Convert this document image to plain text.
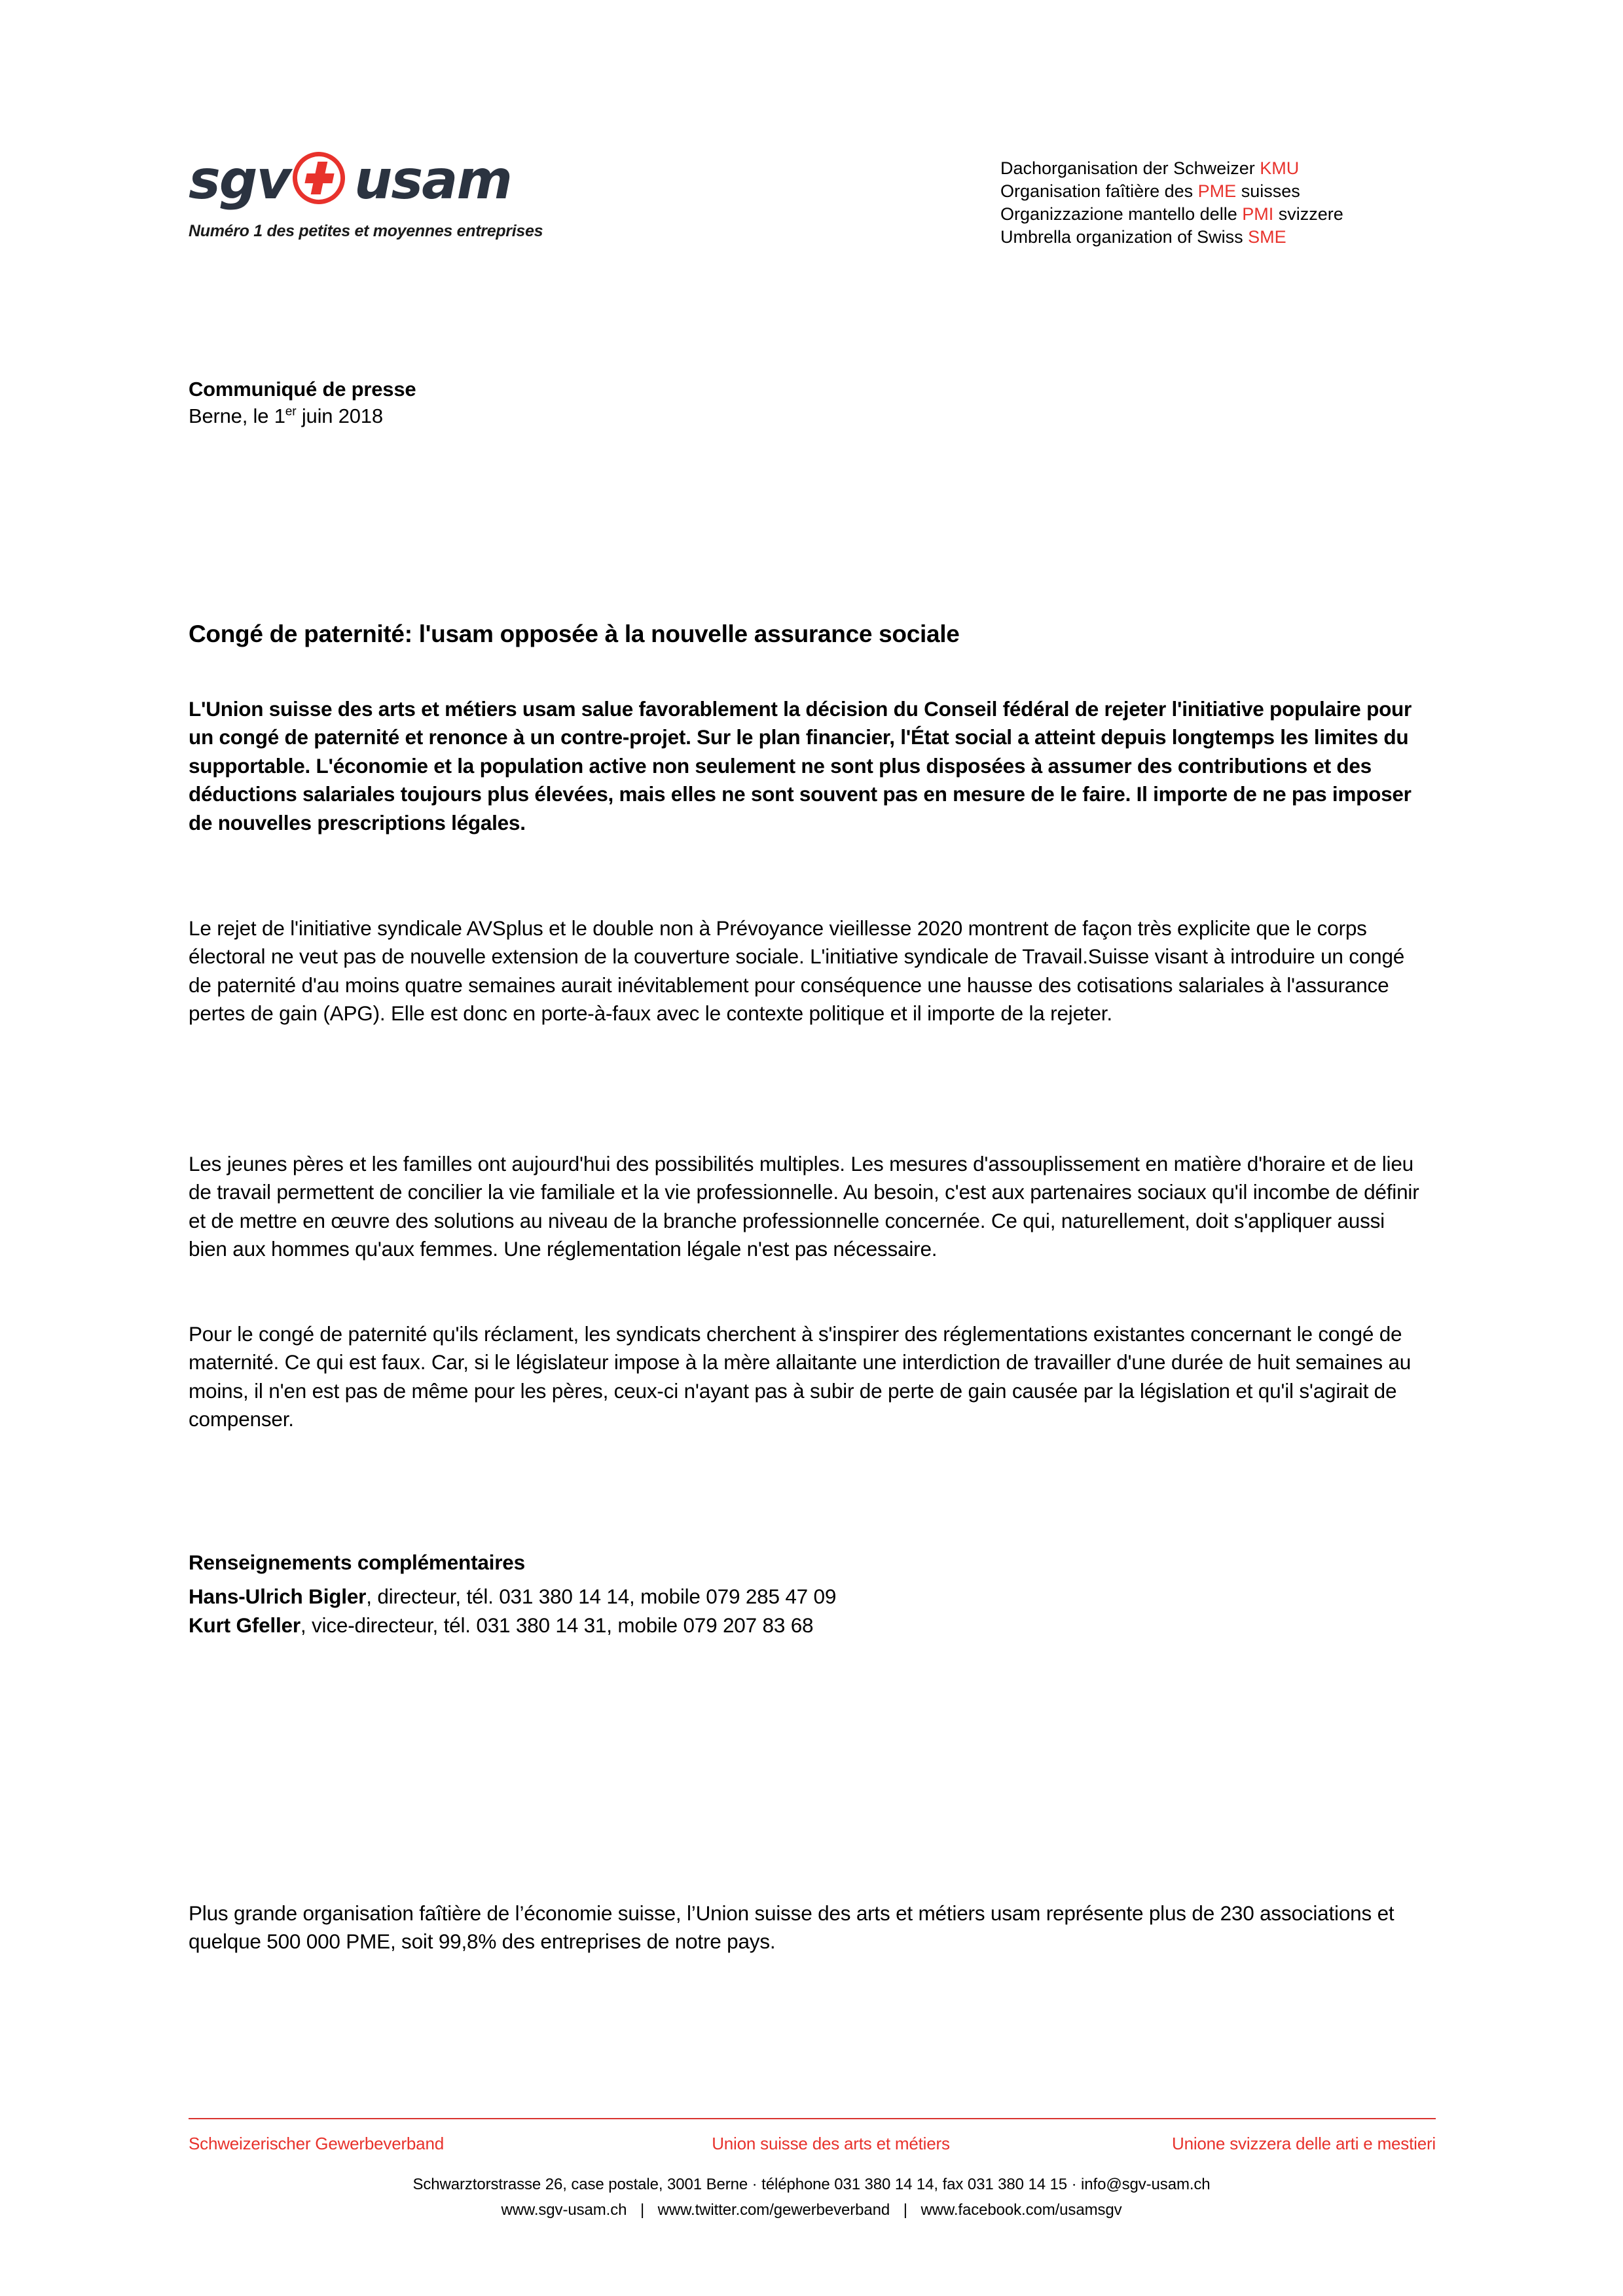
sgv usam
Numéro 1 des petites et moyennes entreprises
Dachorganisation der Schweizer KMU
Organisation faîtière des PME suisses
Organizzazione mantello delle PMI svizzere
Umbrella organization of Swiss SME
Communiqué de presse
Berne, le 1er juin 2018
Congé de paternité: l'usam opposée à la nouvelle assurance sociale

L'Union suisse des arts et métiers usam salue favorablement la décision du Conseil fédéral de rejeter l'initiative populaire pour un congé de paternité et renonce à un contre-projet. Sur le plan financier, l'État social a atteint depuis longtemps les limites du supportable. L'économie et la population active non seulement ne sont plus disposées à assumer des contributions et des déductions salariales toujours plus élevées, mais elles ne sont souvent pas en mesure de le faire. Il importe de ne pas imposer de nouvelles prescriptions légales.

Le rejet de l'initiative syndicale AVSplus et le double non à Prévoyance vieillesse 2020 montrent de façon très explicite que le corps électoral ne veut pas de nouvelle extension de la couverture sociale. L'initiative syndicale de Travail.Suisse visant à introduire un congé de paternité d'au moins quatre semaines aurait inévitablement pour conséquence une hausse des cotisations salariales à l'assurance pertes de gain (APG). Elle est donc en porte-à-faux avec le contexte politique et il importe de la rejeter.

Les jeunes pères et les familles ont aujourd'hui des possibilités multiples. Les mesures d'assouplissement en matière d'horaire et de lieu de travail permettent de concilier la vie familiale et la vie professionnelle. Au besoin, c'est aux partenaires sociaux qu'il incombe de définir et de mettre en œuvre des solutions au niveau de la branche professionnelle concernée. Ce qui, naturellement, doit s'appliquer aussi bien aux hommes qu'aux femmes. Une réglementation légale n'est pas nécessaire.

Pour le congé de paternité qu'ils réclament, les syndicats cherchent à s'inspirer des réglementations existantes concernant le congé de maternité. Ce qui est faux. Car, si le législateur impose à la mère allaitante une interdiction de travailler d'une durée de huit semaines au moins, il n'en est pas de même pour les pères, ceux-ci n'ayant pas à subir de perte de gain causée par la législation et qu'il s'agirait de compenser.

Renseignements complémentaires
Hans-Ulrich Bigler, directeur, tél. 031 380 14 14, mobile 079 285 47 09
Kurt Gfeller, vice-directeur, tél. 031 380 14 31, mobile 079 207 83 68

Plus grande organisation faîtière de l’économie suisse, l’Union suisse des arts et métiers usam représente plus de 230 associations et quelque 500 000 PME, soit 99,8% des entreprises de notre pays.

Schweizerischer Gewerbeverband	Union suisse des arts et métiers	Unione svizzera delle arti e mestieri
Schwarztorstrasse 26, case postale, 3001 Berne · téléphone 031 380 14 14, fax 031 380 14 15 · info@sgv-usam.ch
www.sgv-usam.ch | www.twitter.com/gewerbeverband | www.facebook.com/usamsgv
